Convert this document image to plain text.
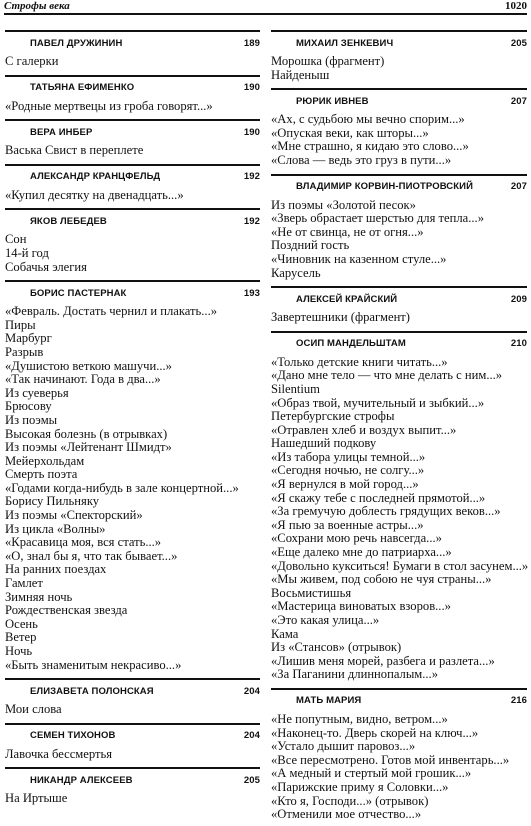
Строфы века	1020
ПАВЕЛ ДРУЖИНИН	189
С галерки
ТАТЬЯНА ЕФИМЕНКО	190
«Родные мертвецы из гроба говорят...»
ВЕРА ИНБЕР	190
Васька Свист в переплете
АЛЕКСАНДР КРАНЦФЕЛЬД	192
«Купил десятку на двенадцать...»
ЯКОВ ЛЕБЕДЕВ	192
Сон
14-й год
Собачья элегия
БОРИС ПАСТЕРНАК	193
«Февраль. Достать чернил и плакать...»
Пиры
Марбург
Разрыв
«Душистою веткою машучи...»
«Так начинают. Года в два...»
Из суеверья
Брюсову
Из поэмы
Высокая болезнь (в отрывках)
Из поэмы «Лейтенант Шмидт»
Мейерхольдам
Смерть поэта
«Годами когда-нибудь в зале концертной...»
Борису Пильняку
Из поэмы «Спекторский»
Из цикла «Волны»
«Красавица моя, вся стать...»
«О, знал бы я, что так бывает...»
На ранних поездах
Гамлет
Зимняя ночь
Рождественская звезда
Осень
Ветер
Ночь
«Быть знаменитым некрасиво...»
ЕЛИЗАВЕТА ПОЛОНСКАЯ	204
Мои слова
СЕМЕН ТИХОНОВ	204
Лавочка бессмертья
НИКАНДР АЛЕКСЕЕВ	205
На Иртыше
МИХАИЛ ЗЕНКЕВИЧ	205
Морошка (фрагмент)
Найденыш
РЮРИК ИВНЕВ	207
«Ах, с судьбою мы вечно спорим...»
«Опуская веки, как шторы...»
«Мне страшно, я кидаю это слово...»
«Слова — ведь это груз в пути...»
ВЛАДИМИР КОРВИН-ПИОТРОВСКИЙ	207
Из поэмы «Золотой песок»
«Зверь обрастает шерстью для тепла...»
«Не от свинца, не от огня...»
Поздний гость
«Чиновник на казенном стуле...»
Карусель
АЛЕКСЕЙ КРАЙСКИЙ	209
Завертешники (фрагмент)
ОСИП МАНДЕЛЬШТАМ	210
«Только детские книги читать...»
«Дано мне тело — что мне делать с ним...»
Silentium
«Образ твой, мучительный и зыбкий...»
Петербургские строфы
«Отравлен хлеб и воздух выпит...»
Нашедший подкову
«Из табора улицы темной...»
«Сегодня ночью, не солгу...»
«Я вернулся в мой город...»
«Я скажу тебе с последней прямотой...»
«За гремучую доблесть грядущих веков...»
«Я пью за военные астры...»
«Сохрани мою речь навсегда...»
«Еще далеко мне до патриарха...»
«Довольно кукситься! Бумаги в стол засунем...»
«Мы живем, под собою не чуя страны...»
Восьмистишья
«Мастерица виноватых взоров...»
«Это какая улица...»
Кама
Из «Стансов» (отрывок)
«Лишив меня морей, разбега и разлета...»
«За Паганини длиннопалым...»
МАТЬ МАРИЯ	216
«Не попутным, видно, ветром...»
«Наконец-то. Дверь скорей на ключ...»
«Устало дышит паровоз...»
«Все пересмотрено. Готов мой инвентарь...»
«А медный и стертый мой грошик...»
«Парижские приму я Соловки...»
«Кто я, Господи...» (отрывок)
«Отменили мое отчество...»
